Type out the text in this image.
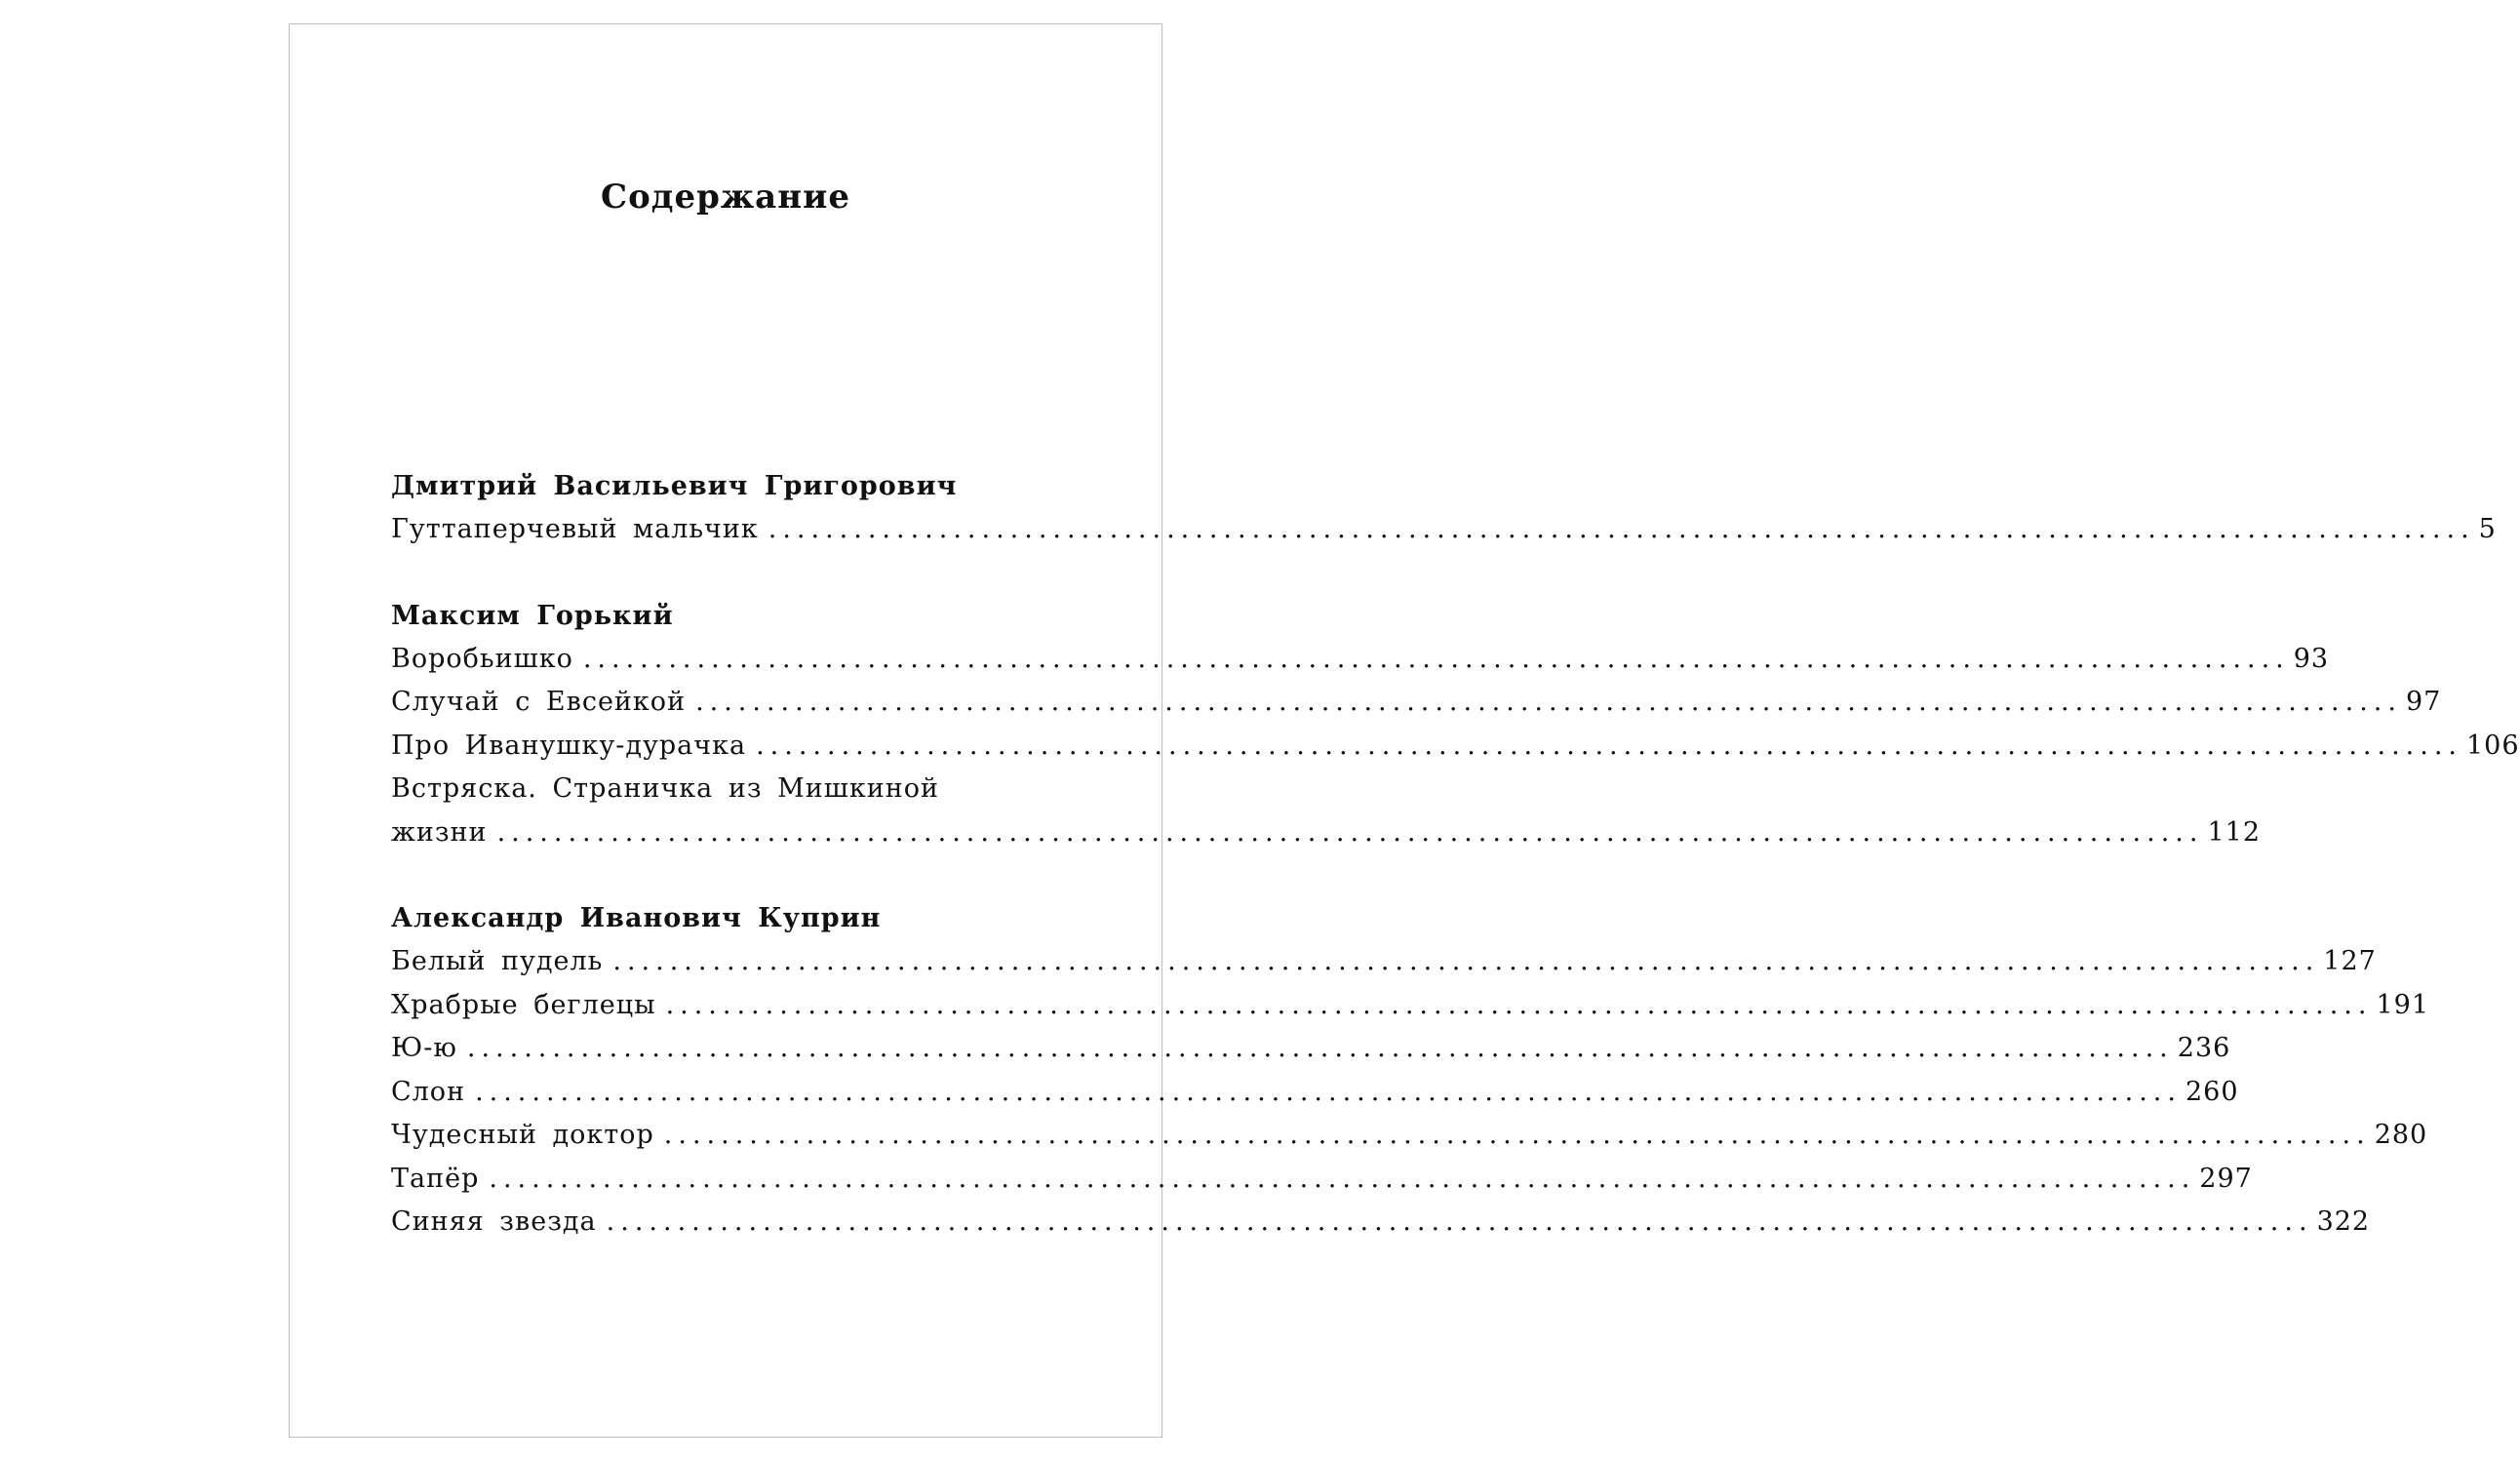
Содержание
Дмитрий Васильевич Григорович
Гуттаперчевый мальчик ........................................................................................................................ 5
Максим Горький
Воробьишко ........................................................................................................................ 93
Случай с Евсейкой ........................................................................................................................ 97
Про Иванушку-дурачка ........................................................................................................................ 106
Встряска. Страничка из Мишкиной
жизни ........................................................................................................................ 112
Александр Иванович Куприн
Белый пудель ........................................................................................................................ 127
Храбрые беглецы ........................................................................................................................ 191
Ю-ю ........................................................................................................................ 236
Слон ........................................................................................................................ 260
Чудесный доктор ........................................................................................................................ 280
Тапёр ........................................................................................................................ 297
Синяя звезда ........................................................................................................................ 322
